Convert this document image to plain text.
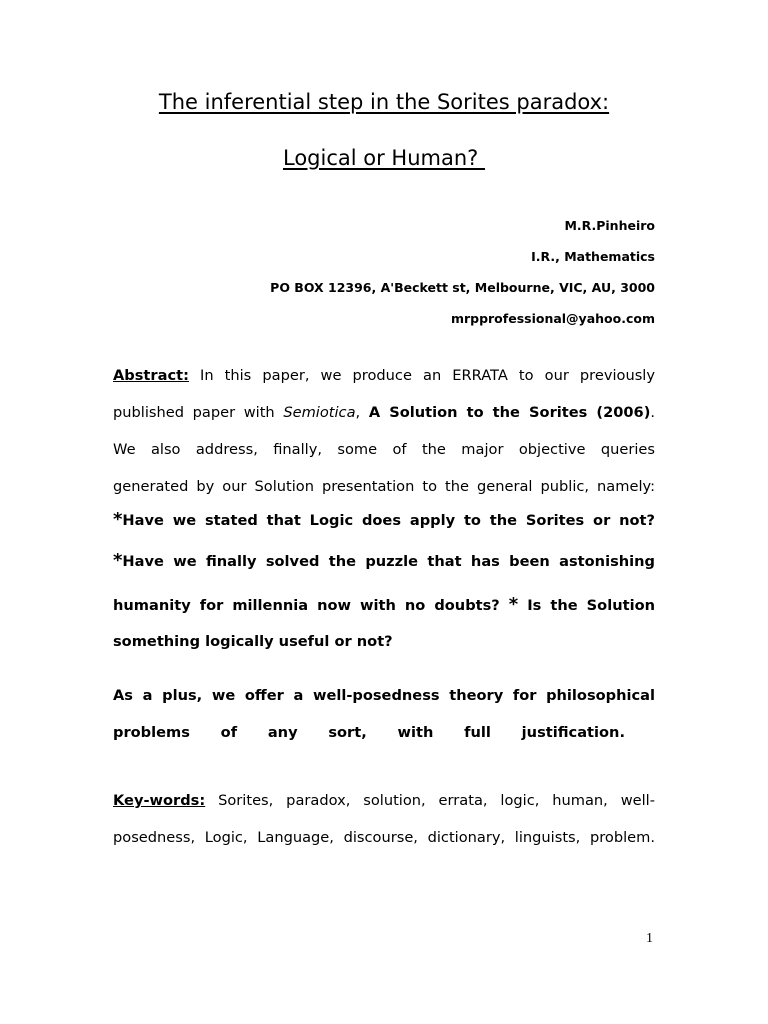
The inferential step in the Sorites paradox:
Logical or Human?
M.R.Pinheiro
I.R., Mathematics
PO BOX 12396, A'Beckett st, Melbourne, VIC, AU, 3000
mrpprofessional@yahoo.com
Abstract: In this paper, we produce an ERRATA to our previously
published paper with Semiotica, A Solution to the Sorites (2006).
We also address, finally, some of the major objective queries
generated by our Solution presentation to the general public, namely:
*Have we stated that Logic does apply to the Sorites or not?
*Have we finally solved the puzzle that has been astonishing
humanity for millennia now with no doubts? * Is the Solution
something logically useful or not?
As a plus, we offer a well-posedness theory for philosophical
problems of any sort, with full justification.
Key-words: Sorites, paradox, solution, errata, logic, human, well-
posedness, Logic, Language, discourse, dictionary, linguists, problem.
1
